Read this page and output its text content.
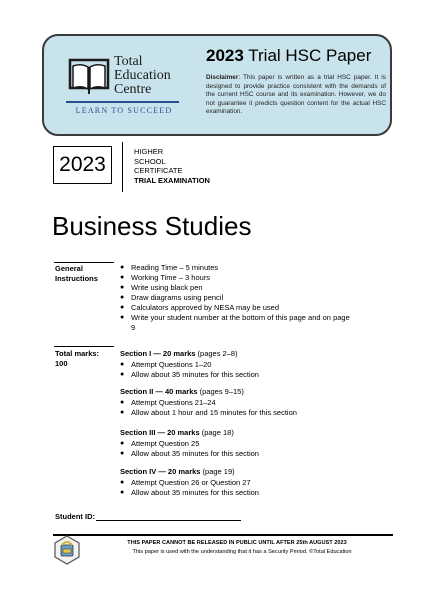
Total
Education
Centre
LEARN TO SUCCEED
2023 Trial HSC Paper
Disclaimer: This paper is written as a trial HSC paper. It is designed to provide practice consistent with the demands of the current HSC course and its examination. However, we do not guarantee it predicts question content for the actual HSC examination.
2023
HIGHER
SCHOOL
CERTIFICATE
TRIAL EXAMINATION
Business Studies
General
Instructions
● Reading Time – 5 minutes
● Working Time – 3 hours
● Write using black pen
● Draw diagrams using pencil
● Calculators approved by NESA may be used
● Write your student number at the bottom of this page and on page 9
Total marks:
100
Section I — 20 marks (pages 2–8)
● Attempt Questions 1–20
● Allow about 35 minutes for this section
Section II — 40 marks (pages 9–15)
● Attempt Questions 21–24
● Allow about 1 hour and 15 minutes for this section
Section III — 20 marks (page 18)
● Attempt Question 25
● Allow about 35 minutes for this section
Section IV — 20 marks (page 19)
● Attempt Question 26 or Question 27
● Allow about 35 minutes for this section
Student ID:
THIS PAPER CANNOT BE RELEASED IN PUBLIC UNTIL AFTER 25th AUGUST 2023
This paper is used with the understanding that it has a Security Period. ©Total Education
